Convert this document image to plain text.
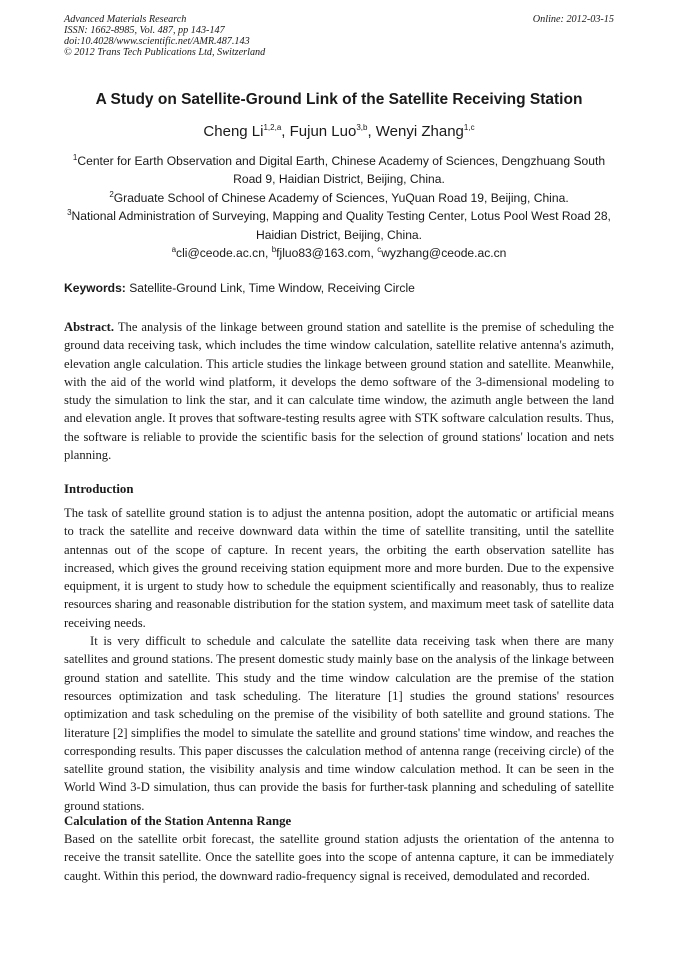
Advanced Materials Research
ISSN: 1662-8985, Vol. 487, pp 143-147
doi:10.4028/www.scientific.net/AMR.487.143
© 2012 Trans Tech Publications Ltd, Switzerland
Online: 2012-03-15
A Study on Satellite-Ground Link of the Satellite Receiving Station
Cheng Li$^{1,2,a}$, Fujun Luo$^{3,b}$, Wenyi Zhang$^{1,c}$
$^1$Center for Earth Observation and Digital Earth, Chinese Academy of Sciences, Dengzhuang South Road 9, Haidian District, Beijing, China.
$^2$Graduate School of Chinese Academy of Sciences, YuQuan Road 19, Beijing, China.
$^3$National Administration of Surveying, Mapping and Quality Testing Center, Lotus Pool West Road 28, Haidian District, Beijing, China.
$^a$cli@ceode.ac.cn, $^b$fjluo83@163.com, $^c$wyzhang@ceode.ac.cn
Keywords: Satellite-Ground Link, Time Window, Receiving Circle

Abstract. The analysis of the linkage between ground station and satellite is the premise of scheduling the ground data receiving task, which includes the time window calculation, satellite relative antenna's azimuth, elevation angle calculation. This article studies the linkage between ground station and satellite. Meanwhile, with the aid of the world wind platform, it develops the demo software of the 3-dimensional modeling to study the simulation to link the star, and it can calculate time window, the azimuth angle between the land and elevation angle. It proves that software-testing results agree with STK software calculation results. Thus, the software is reliable to provide the scientific basis for the selection of ground stations' location and nets planning.

Introduction

The task of satellite ground station is to adjust the antenna position, adopt the automatic or artificial means to track the satellite and receive downward data within the time of satellite transiting, until the satellite antennas out of the scope of capture. In recent years, the orbiting the earth observation satellite has increased, which gives the ground receiving station equipment more and more burden. Due to the expensive equipment, it is urgent to study how to schedule the equipment scientifically and reasonably, thus to realize resources sharing and reasonable distribution for the station system, and maximum meet task of satellite data receiving needs.

It is very difficult to schedule and calculate the satellite data receiving task when there are many satellites and ground stations. The present domestic study mainly base on the analysis of the linkage between ground station and satellite. This study and the time window calculation are the premise of the station resources optimization and task scheduling. The literature [1] studies the ground stations' resources optimization and task scheduling on the premise of the visibility of both satellite and ground stations. The literature [2] simplifies the model to simulate the satellite and ground stations' time window, and reaches the corresponding results. This paper discusses the calculation method of antenna range (receiving circle) of the satellite ground station, the visibility analysis and time window calculation method. It can be seen in the World Wind 3-D simulation, thus can provide the basis for further-task planning and scheduling of satellite ground stations.

Calculation of the Station Antenna Range

Based on the satellite orbit forecast, the satellite ground station adjusts the orientation of the antenna to receive the transit satellite. Once the satellite goes into the scope of antenna capture, it can be immediately caught. Within this period, the downward radio-frequency signal is received, demodulated and recorded.
